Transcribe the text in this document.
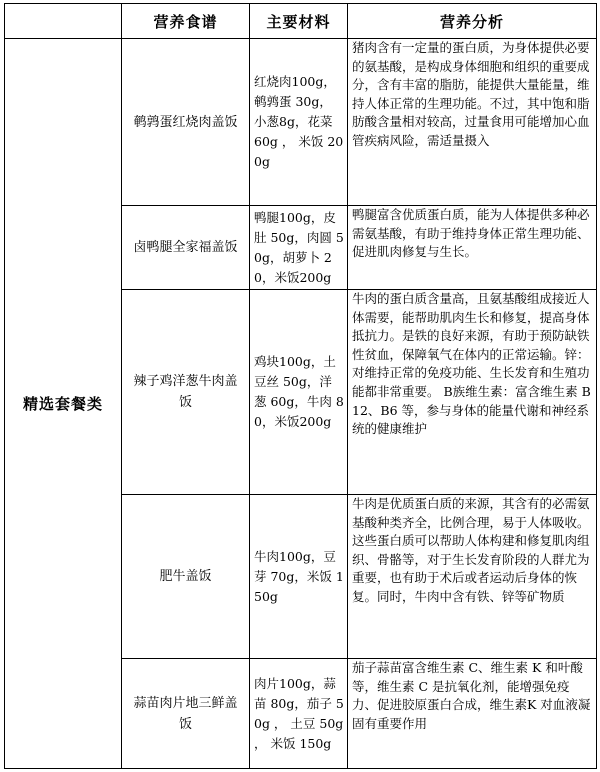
	营养食谱	主要材料	营养分析
精选套餐类	鹌鹑蛋红烧肉盖饭	红烧肉100g，鹌鹑蛋 30g，小葱8g，花菜 60g ， 米饭 200g	猪肉含有一定量的蛋白质，为身体提供必要的氨基酸，是构成身体细胞和组织的重要成分，含有丰富的脂肪，能提供大量能量，维持人体正常的生理功能。不过，其中饱和脂肪酸含量相对较高，过量食用可能增加心血管疾病风险，需适量摄入
	卤鸭腿全家福盖饭	鸭腿100g，皮肚 50g，肉圆 50g，胡萝卜 20，米饭200g	鸭腿富含优质蛋白质，能为人体提供多种必需氨基酸，有助于维持身体正常生理功能、促进肌肉修复与生长。
	辣子鸡洋葱牛肉盖饭	鸡块100g，土豆丝 50g，洋葱 60g，牛肉 80，米饭200g	牛肉的蛋白质含量高，且氨基酸组成接近人体需要，能帮助肌肉生长和修复，提高身体抵抗力。是铁的良好来源，有助于预防缺铁性贫血，保障氧气在体内的正常运输。锌：对维持正常的免疫功能、生长发育和生殖功能都非常重要。 B族维生素：富含维生素 B12、B6 等，参与身体的能量代谢和神经系统的健康维护
	肥牛盖饭	牛肉100g，豆芽 70g，米饭 150g	牛肉是优质蛋白质的来源，其含有的必需氨基酸种类齐全，比例合理，易于人体吸收。这些蛋白质可以帮助人体构建和修复肌肉组织、骨骼等，对于生长发育阶段的人群尤为重要，也有助于术后或者运动后身体的恢复。同时，牛肉中含有铁、锌等矿物质
	蒜苗肉片地三鲜盖饭	肉片100g，蒜苗 80g，茄子 50g ， 土豆 50g ， 米饭 150g	茄子蒜苗富含维生素 C、维生素 K 和叶酸等，维生素 C 是抗氧化剂，能增强免疫力、促进胶原蛋白合成，维生素K 对血液凝固有重要作用
